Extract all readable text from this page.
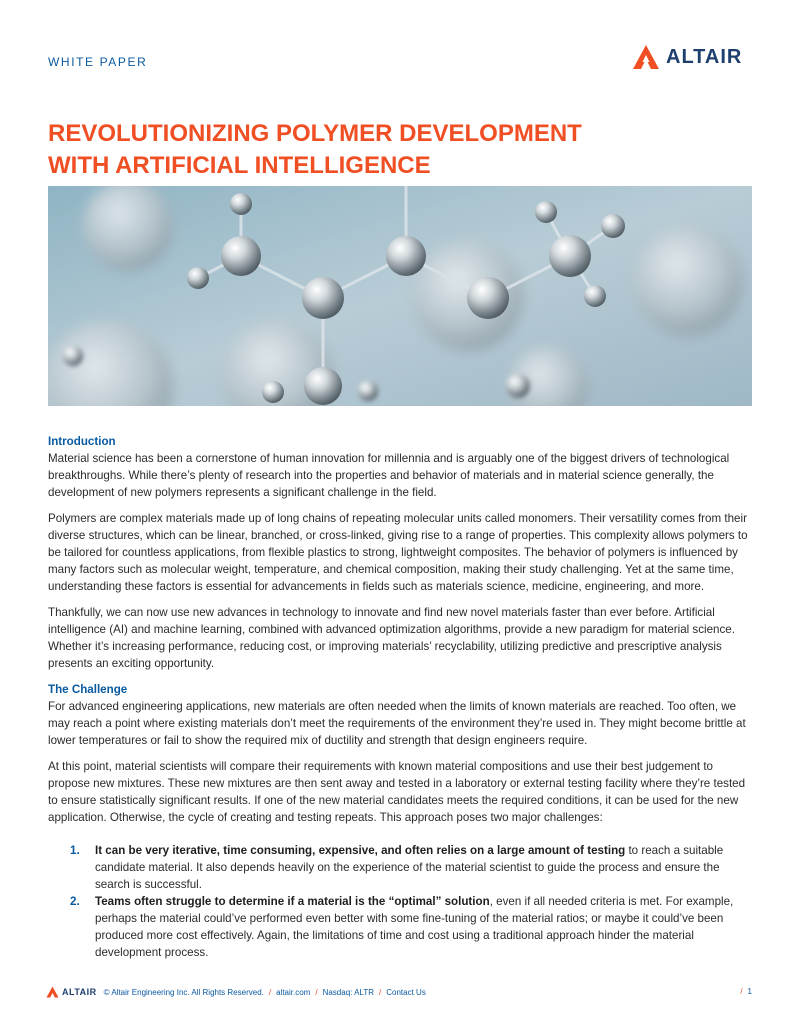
WHITE PAPER	ALTAIR
REVOLUTIONIZING POLYMER DEVELOPMENT
WITH ARTIFICIAL INTELLIGENCE
Introduction

Material science has been a cornerstone of human innovation for millennia and is arguably one of the biggest drivers of technological breakthroughs. While there’s plenty of research into the properties and behavior of materials and in material science generally, the development of new polymers represents a significant challenge in the field.

Polymers are complex materials made up of long chains of repeating molecular units called monomers. Their versatility comes from their diverse structures, which can be linear, branched, or cross-linked, giving rise to a range of properties. This complexity allows polymers to be tailored for countless applications, from flexible plastics to strong, lightweight composites. The behavior of polymers is influenced by many factors such as molecular weight, temperature, and chemical composition, making their study challenging. Yet at the same time, understanding these factors is essential for advancements in fields such as materials science, medicine, engineering, and more.

Thankfully, we can now use new advances in technology to innovate and find new novel materials faster than ever before. Artificial intelligence (AI) and machine learning, combined with advanced optimization algorithms, provide a new paradigm for material science. Whether it’s increasing performance, reducing cost, or improving materials’ recyclability, utilizing predictive and prescriptive analysis presents an exciting opportunity.

The Challenge

For advanced engineering applications, new materials are often needed when the limits of known materials are reached. Too often, we may reach a point where existing materials don’t meet the requirements of the environment they’re used in. They might become brittle at lower temperatures or fail to show the required mix of ductility and strength that design engineers require.

At this point, material scientists will compare their requirements with known material compositions and use their best judgement to propose new mixtures. These new mixtures are then sent away and tested in a laboratory or external testing facility where they’re tested to ensure statistically significant results. If one of the new material candidates meets the required conditions, it can be used for the new application. Otherwise, the cycle of creating and testing repeats. This approach poses two major challenges:

1. It can be very iterative, time consuming, expensive, and often relies on a large amount of testing to reach a suitable candidate material. It also depends heavily on the experience of the material scientist to guide the process and ensure the search is successful.
2. Teams often struggle to determine if a material is the “optimal” solution, even if all needed criteria is met. For example, perhaps the material could’ve performed even better with some fine-tuning of the material ratios; or maybe it could’ve been produced more cost effectively. Again, the limitations of time and cost using a traditional approach hinder the material development process.
ALTAIR © Altair Engineering Inc. All Rights Reserved. / altair.com / Nasdaq: ALTR / Contact Us	/ 1
